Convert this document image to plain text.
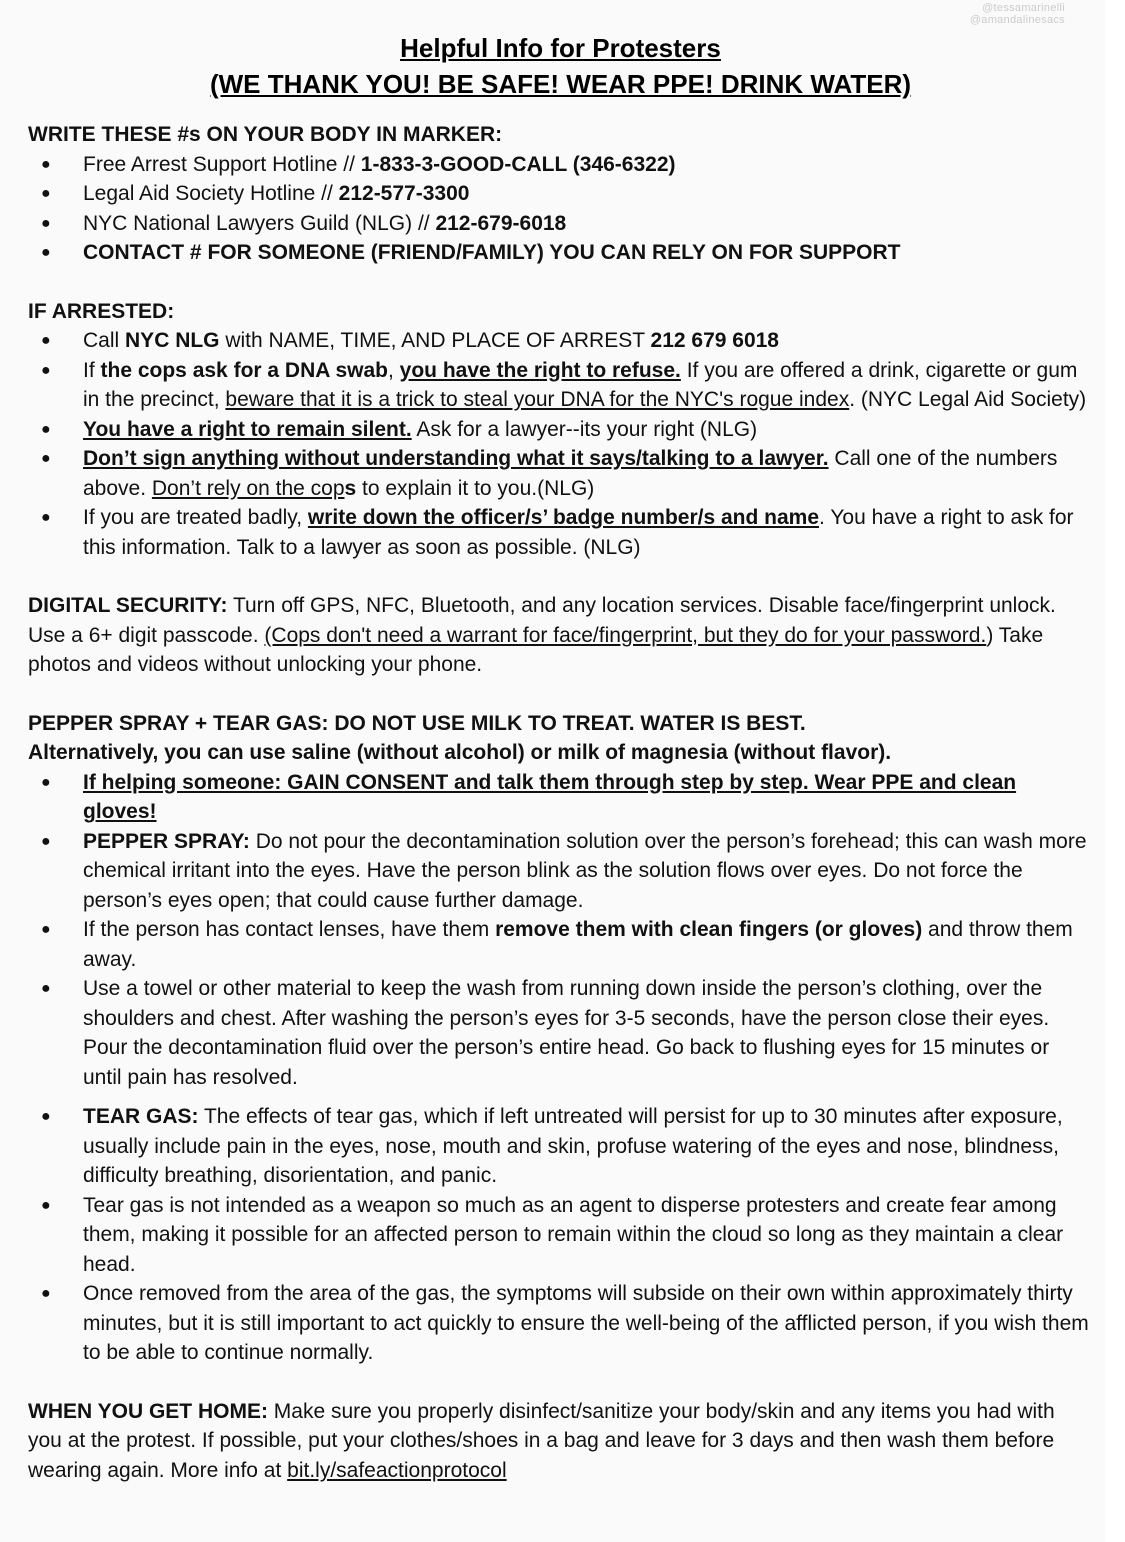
@tessamarinelli
@amandalinesacs
Helpful Info for Protesters
(WE THANK YOU! BE SAFE! WEAR PPE! DRINK WATER)

WRITE THESE #s ON YOUR BODY IN MARKER:

● Free Arrest Support Hotline // 1-833-3-GOOD-CALL (346-6322)
● Legal Aid Society Hotline // 212-577-3300
● NYC National Lawyers Guild (NLG) // 212-679-6018
● CONTACT # FOR SOMEONE (FRIEND/FAMILY) YOU CAN RELY ON FOR SUPPORT

IF ARRESTED:

● Call NYC NLG with NAME, TIME, AND PLACE OF ARREST 212 679 6018
● If the cops ask for a DNA swab, you have the right to refuse. If you are offered a drink, cigarette or gum in the precinct, beware that it is a trick to steal your DNA for the NYC's rogue index. (NYC Legal Aid Society)
● You have a right to remain silent. Ask for a lawyer--its your right (NLG)
● Don’t sign anything without understanding what it says/talking to a lawyer. Call one of the numbers above. Don’t rely on the cops to explain it to you.(NLG)
● If you are treated badly, write down the officer/s’ badge number/s and name. You have a right to ask for this information. Talk to a lawyer as soon as possible. (NLG)

DIGITAL SECURITY: Turn off GPS, NFC, Bluetooth, and any location services. Disable face/fingerprint unlock. Use a 6+ digit passcode. (Cops don't need a warrant for face/fingerprint, but they do for your password.) Take photos and videos without unlocking your phone.

PEPPER SPRAY + TEAR GAS: DO NOT USE MILK TO TREAT. WATER IS BEST.

Alternatively, you can use saline (without alcohol) or milk of magnesia (without flavor).

● If helping someone: GAIN CONSENT and talk them through step by step. Wear PPE and clean gloves!
● PEPPER SPRAY: Do not pour the decontamination solution over the person’s forehead; this can wash more chemical irritant into the eyes. Have the person blink as the solution flows over eyes. Do not force the person’s eyes open; that could cause further damage.
● If the person has contact lenses, have them remove them with clean fingers (or gloves) and throw them away.
● Use a towel or other material to keep the wash from running down inside the person’s clothing, over the shoulders and chest. After washing the person’s eyes for 3-5 seconds, have the person close their eyes. Pour the decontamination fluid over the person’s entire head. Go back to flushing eyes for 15 minutes or until pain has resolved.
● TEAR GAS: The effects of tear gas, which if left untreated will persist for up to 30 minutes after exposure, usually include pain in the eyes, nose, mouth and skin, profuse watering of the eyes and nose, blindness, difficulty breathing, disorientation, and panic.
● Tear gas is not intended as a weapon so much as an agent to disperse protesters and create fear among them, making it possible for an affected person to remain within the cloud so long as they maintain a clear head.
● Once removed from the area of the gas, the symptoms will subside on their own within approximately thirty minutes, but it is still important to act quickly to ensure the well-being of the afflicted person, if you wish them to be able to continue normally.

WHEN YOU GET HOME: Make sure you properly disinfect/sanitize your body/skin and any items you had with you at the protest. If possible, put your clothes/shoes in a bag and leave for 3 days and then wash them before wearing again. More info at bit.ly/safeactionprotocol
